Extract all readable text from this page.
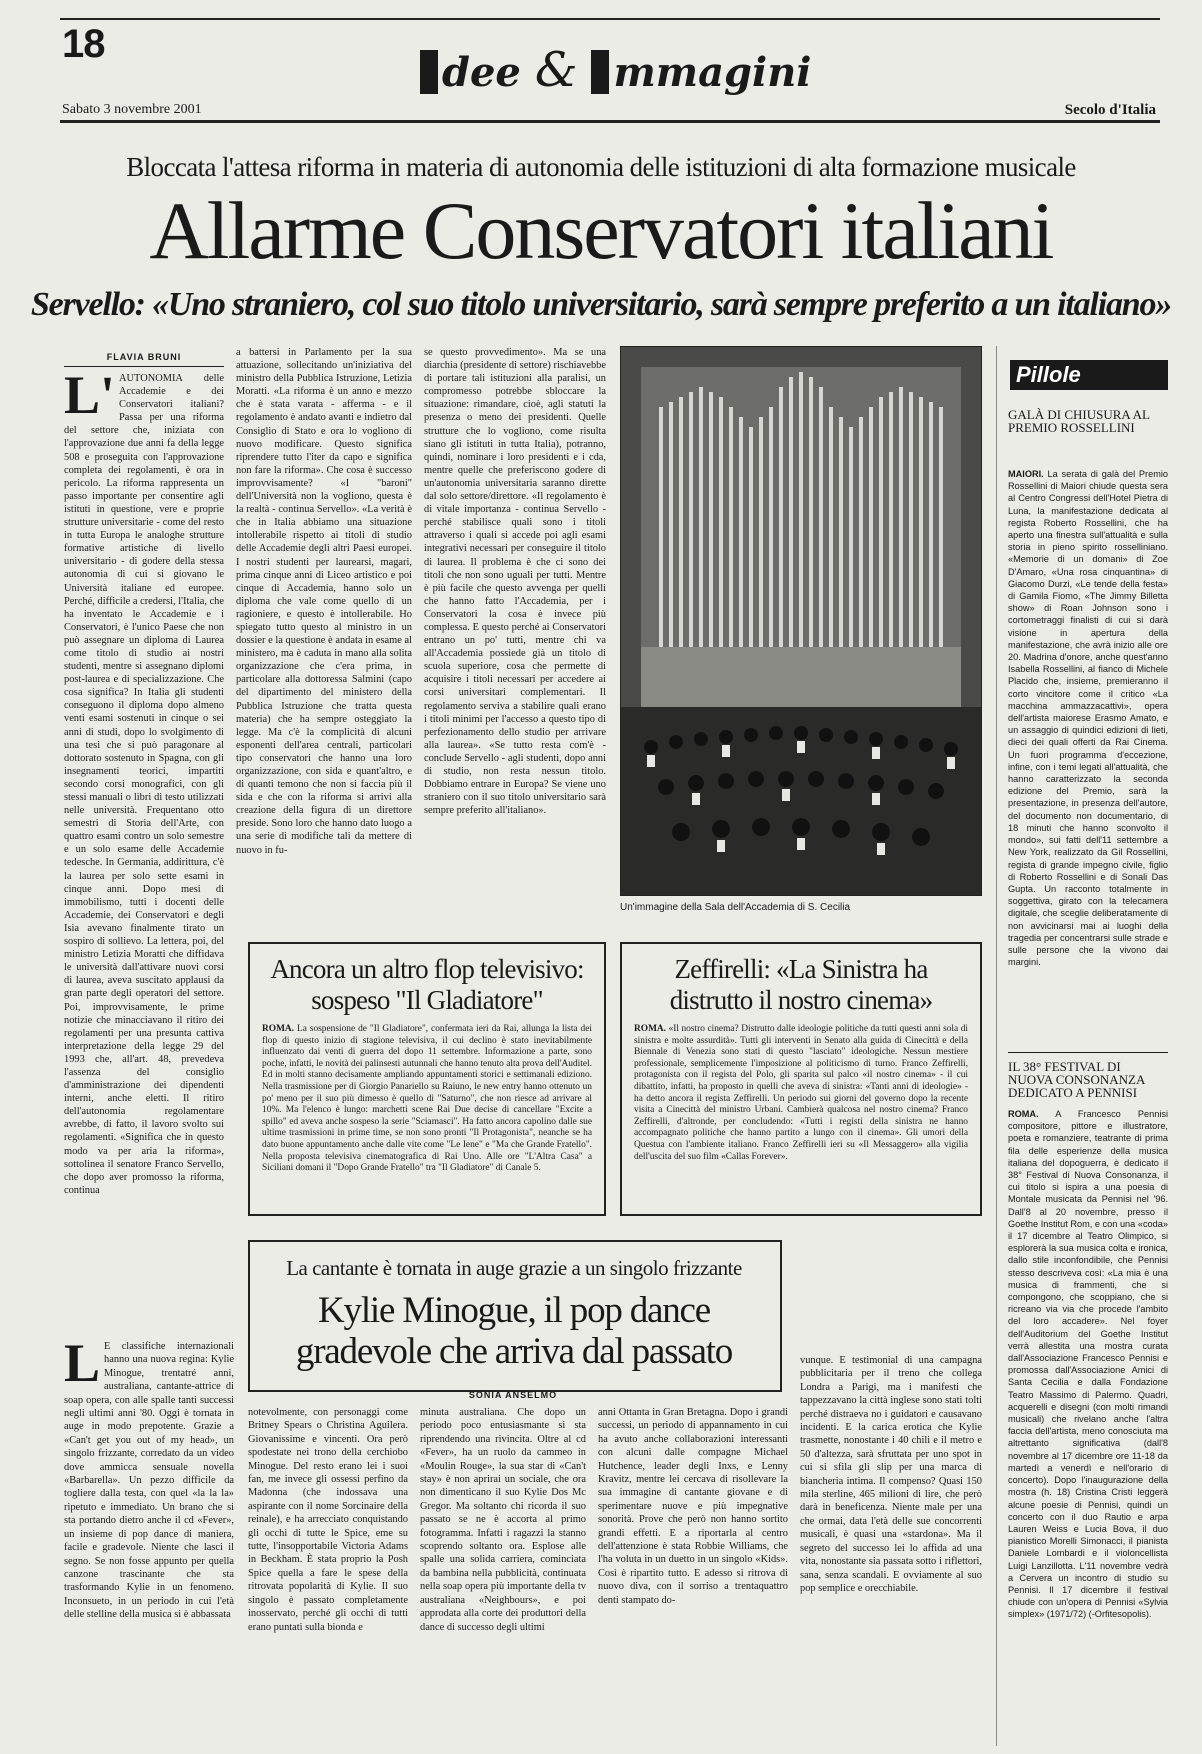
18
dee & mmagini
Sabato 3 novembre 2001	Secolo d'Italia
Bloccata l'attesa riforma in materia di autonomia delle istituzioni di alta formazione musicale
Allarme Conservatori italiani
Servello: «Uno straniero, col suo titolo universitario, sarà sempre preferito a un italiano»
FLAVIA BRUNI
L' AUTONOMIA delle Accademie e dei Conservatori italiani? Passa per una riforma del settore che, iniziata con l'approvazione due anni fa della legge 508 e proseguita con l'approvazione completa dei regolamenti, è ora in pericolo. La riforma rappresenta un passo importante per consentire agli istituti in questione, vere e proprie strutture universitarie - come del resto in tutta Europa le analoghe strutture formative artistiche di livello universitario - di godere della stessa autonomia di cui si giovano le Università italiane ed europee. Perché, difficile a credersi, l'Italia, che ha inventato le Accademie e i Conservatori, è l'unico Paese che non può assegnare un diploma di Laurea come titolo di studio ai nostri studenti, mentre si assegnano diplomi post-laurea e di specializzazione. Che cosa significa? In Italia gli studenti conseguono il diploma dopo almeno venti esami sostenuti in cinque o sei anni di studi, dopo lo svolgimento di una tesi che si può paragonare al dottorato sostenuto in Spagna, con gli insegnamenti teorici, impartiti secondo corsi monografici, con gli stessi manuali o libri di testo utilizzati nelle università. Frequentano otto semestri di Storia dell'Arte, con quattro esami contro un solo semestre e un solo esame delle Accademie tedesche. In Germania, addirittura, c'è la laurea per solo sette esami in cinque anni. Dopo mesi di immobilismo, tutti i docenti delle Accademie, dei Conservatori e degli Isia avevano finalmente tirato un sospiro di sollievo. La lettera, poi, del ministro Letizia Moratti che diffidava le università dall'attivare nuovi corsi di laurea, aveva suscitato applausi da gran parte degli operatori del settore. Poi, improvvisamente, le prime notizie che minacciavano il ritiro dei regolamenti per una presunta cattiva interpretazione della legge 29 del 1993 che, all'art. 48, prevedeva l'assenza del consiglio d'amministrazione dei dipendenti interni, anche eletti. Il ritiro dell'autonomia regolamentare avrebbe, di fatto, il lavoro svolto sui regolamenti. «Significa che in questo modo va per aria la riforma», sottolinea il senatore Franco Servello, che dopo aver promosso la riforma, continua
a battersi in Parlamento per la sua attuazione, sollecitando un'iniziativa del ministro della Pubblica Istruzione, Letizia Moratti. «La riforma è un anno e mezzo che è stata varata - afferma - e il regolamento è andato avanti e indietro dal Consiglio di Stato e ora lo vogliono di nuovo modificare. Questo significa riprendere tutto l'iter da capo e significa non fare la riforma». Che cosa è successo improvvisamente? «I "baroni" dell'Università non la vogliono, questa è la realtà - continua Servello». «La verità è che in Italia abbiamo una situazione intollerabile rispetto ai titoli di studio delle Accademie degli altri Paesi europei. I nostri studenti per laurearsi, magari, prima cinque anni di Liceo artistico e poi cinque di Accademia, hanno solo un diploma che vale come quello di un ragioniere, e questo è intollerabile. Ho spiegato tutto questo al ministro in un dossier e la questione è andata in esame al ministero, ma è caduta in mano alla solita organizzazione che c'era prima, in particolare alla dottoressa Salmini (capo del dipartimento del ministero della Pubblica Istruzione che tratta questa materia) che ha sempre osteggiato la legge. Ma c'è la complicità di alcuni esponenti dell'area centrali, particolari tipo conservatori che hanno una loro organizzazione, con sida e quant'altro, e di quanti temono che non si faccia più il sida e che con la riforma si arrivi alla creazione della figura di un direttore preside. Sono loro che hanno dato luogo a una serie di modifiche tali da mettere di nuovo in fu-
se questo provvedimento». Ma se una diarchia (presidente di settore) rischiavebbe di portare tali istituzioni alla paralisi, un compromesso potrebbe sbloccare la situazione: rimandare, cioè, agli statuti la presenza o meno dei presidenti. Quelle strutture che lo vogliono, come risulta siano gli istituti in tutta Italia), potranno, quindi, nominare i loro presidenti e i cda, mentre quelle che preferiscono godere di un'autonomia universitaria saranno dirette dal solo settore/direttore. «Il regolamento è di vitale importanza - continua Servello - perché stabilisce quali sono i titoli attraverso i quali si accede poi agli esami integrativi necessari per conseguire il titolo di laurea. Il problema è che ci sono dei titoli che non sono uguali per tutti. Mentre è più facile che questo avvenga per quelli che hanno fatto l'Accademia, per i Conservatori la cosa è invece più complessa. E questo perché ai Conservatori entrano un po' tutti, mentre chi va all'Accademia possiede già un titolo di scuola superiore, cosa che permette di acquisire i titoli necessari per accedere ai corsi universitari complementari. Il regolamento serviva a stabilire quali erano i titoli minimi per l'accesso a questo tipo di perfezionamento dello studio per arrivare alla laurea». «Se tutto resta com'è - conclude Servello - agli studenti, dopo anni di studio, non resta nessun titolo. Dobbiamo entrare in Europa? Se viene uno straniero con il suo titolo universitario sarà sempre preferito all'italiano».
Un'immagine della Sala dell'Accademia di S. Cecilia
Ancora un altro flop televisivo: sospeso "Il Gladiatore"
ROMA. La sospensione de "Il Gladiatore", confermata ieri da Rai, allunga la lista dei flop di questo inizio di stagione televisiva, il cui declino è stato inevitabilmente influenzato dai venti di guerra del dopo 11 settembre. Informazione a parte, sono poche, infatti, le novità dei palinsesti autunnali che hanno tenuto alta prova dell'Auditel. Ed in molti stanno decisamente ampliando appuntamenti storici e settimanali ediziono. Nella trasmissione per di Giorgio Panariello su Raiuno, le new entry hanno ottenuto un po' meno per il suo più dimesso è quello di "Saturno", che non riesce ad arrivare al 10%. Ma l'elenco è lungo: marchetti scene Rai Due decise di cancellare "Excite a spillo" ed aveva anche sospeso la serie "Sciamasci". Ha fatto ancora capolino dalle sue ultime trasmissioni in prime time, se non sono pronti "Il Protagonista", neanche se ha dato buone appuntamento anche dalle vite come "Le Iene" e "Ma che Grande Fratello". Nella proposta televisiva cinematografica di Rai Uno. Alle ore "L'Altra Casa" a Siciliani domani il "Dopo Grande Fratello" tra "Il Gladiatore" di Canale 5.
Zeffirelli: «La Sinistra ha distrutto il nostro cinema»
ROMA. «Il nostro cinema? Distrutto dalle ideologie politiche da tutti questi anni sola di sinistra e molte assurdità». Tutti gli interventi in Senato alla guida di Cinecittà e della Biennale di Venezia sono stati di questo "lasciato" ideologiche. Nessun mestiere professionale, semplicemente l'imposizione al politicismo di turno. Franco Zeffirelli, protagonista con il regista del Polo, gli sparita sul palco «il nostro cinema» - il cui dibattito, infatti, ha proposto in quelli che aveva di sinistra: «Tanti anni di ideologie» - ha detto ancora il regista Zeffirelli. Un periodo sui giorni del governo dopo la recente visita a Cinecittà del ministro Urbani. Cambierà qualcosa nel nostro cinema? Franco Zeffirelli, d'altronde, per concludendo: «Tutti i registi della sinistra ne hanno accompagnato politiche che hanno partito a lungo con il cinema». Gli umori della Questua con l'ambiente italiano. Franco Zeffirelli ieri su «Il Messaggero» alla vigilia dell'uscita del suo film «Callas Forever».
Pillole
GALÀ DI CHIUSURA AL PREMIO ROSSELLINI
MAIORI. La serata di galà del Premio Rossellini di Maiori chiude questa sera al Centro Congressi dell'Hotel Pietra di Luna, la manifestazione dedicata al regista Roberto Rossellini, che ha aperto una finestra sull'attualità e sulla storia in pieno spirito rosselliniano. «Memorie di un domani» di Zoe D'Amaro, «Una rosa cinquantina» di Giacomo Durzi, «Le tende della festa» di Gamila Fiomo, «The Jimmy Billetta show» di Roan Johnson sono i cortometraggi finalisti di cui si darà visione in apertura della manifestazione, che avrà inizio alle ore 20. Madrina d'onore, anche quest'anno Isabella Rossellini, al fianco di Michele Placido che, insieme, premieranno il corto vincitore come il critico «La macchina ammazzacattivi», opera dell'artista maiorese Erasmo Amato, e un assaggio di quindici edizioni di lieti, dieci dei quali offerti da Rai Cinema. Un fuori programma d'eccezione, infine, con i temi legati all'attualità, che hanno caratterizzato la seconda edizione del Premio, sarà la presentazione, in presenza dell'autore, del documento non documentario, di 18 minuti che hanno sconvolto il mondo», sui fatti dell'11 settembre a New York, realizzato da Gil Rossellini, regista di grande impegno civile, figlio di Roberto Rossellini e di Sonali Das Gupta. Un racconto totalmente in soggettiva, girato con la telecamera digitale, che sceglie deliberatamente di non avvicinarsi mai ai luoghi della tragedia per concentrarsi sulle strade e sulle persone che la vivono dai margini.
IL 38° FESTIVAL DI NUOVA CONSONANZA DEDICATO A PENNISI
ROMA. A Francesco Pennisi compositore, pittore e illustratore, poeta e romanziere, teatrante di prima fila delle esperienze della musica italiana del dopoguerra, è dedicato il 38° Festival di Nuova Consonanza, il cui titolo si ispira a una poesia di Montale musicata da Pennisi nel '96. Dall'8 al 20 novembre, presso il Goethe Institut Rom, e con una «coda» il 17 dicembre al Teatro Olimpico, si esplorerà la sua musica colta e ironica, dallo stile inconfondibile, che Pennisi stesso descriveva così: «La mia è una musica di frammenti, che si compongono, che scoppiano, che si ricreano via via che procede l'ambito del loro accadere». Nel foyer dell'Auditorium del Goethe Institut verrà allestita una mostra curata dall'Associazione Francesco Pennisi e promossa dall'Associazione Amici di Santa Cecilia e dalla Fondazione Teatro Massimo di Palermo. Quadri, acquerelli e disegni (con molti rimandi musicali) che rivelano anche l'altra faccia dell'artista, meno conosciuta ma altrettanto significativa (dall'8 novembre al 17 dicembre ore 11-18 da martedì a venerdì e nell'orario di concerto). Dopo l'inaugurazione della mostra (h. 18) Cristina Cristi leggerà alcune poesie di Pennisi, quindi un concerto con il duo Rautio e arpa Lauren Weiss e Lucia Bova, il duo pianistico Morelli Simonacci, il pianista Daniele Lombardi e il violoncellista Luigi Lanzillotta. L'11 novembre vedrà a Cervera un incontro di studio su Pennisi. Il 17 dicembre il festival chiude con un'opera di Pennisi «Sylvia simplex» (1971/72) (-Orfitesopolis).
La cantante è tornata in auge grazie a un singolo frizzante
Kylie Minogue, il pop dance gradevole che arriva dal passato
SONIA ANSELMO
L E classifiche internazionali hanno una nuova regina: Kylie Minogue, trentatré anni, australiana, cantante-attrice di soap opera, con alle spalle tanti successi negli ultimi anni '80. Oggi è tornata in auge in modo prepotente. Grazie a «Can't get you out of my head», un singolo frizzante, corredato da un video dove ammicca sensuale novella «Barbarella». Un pezzo difficile da togliere dalla testa, con quel «la la la» ripetuto e immediato. Un brano che si sta portando dietro anche il cd «Fever», un insieme di pop dance di maniera, facile e gradevole. Niente che lasci il segno. Se non fosse appunto per quella canzone trascinante che sta trasformando Kylie in un fenomeno. Inconsueto, in un periodo in cui l'età delle stelline della musica si è abbassata
notevolmente, con personaggi come Britney Spears o Christina Aguilera. Giovanissime e vincenti. Ora però spodestate nei trono della cerchiobo Minogue. Del resto erano lei i suoi fan, me invece gli ossessi perfino da Madonna (che indossava una aspirante con il nome Sorcinaire della reinale), e ha arrecciato conquistando gli occhi di tutte le Spice, eme su tutte, l'insopportabile Victoria Adams in Beckham. È stata proprio la Posh Spice quella a fare le spese della ritrovata popolarità di Kylie. Il suo singolo è passato completamente inosservato, perché gli occhi di tutti erano puntati sulla bionda e
minuta australiana. Che dopo un periodo poco entusiasmante si sta riprendendo una rivincita. Oltre al cd «Fever», ha un ruolo da cammeo in «Moulin Rouge», la sua star di «Can't stay» è non aprirai un sociale, che ora non dimenticano il suo Kylie Dos Mc Gregor. Ma soltanto chi ricorda il suo passato se ne è accorta al primo fotogramma. Infatti i ragazzi la stanno scoprendo soltanto ora. Esplose alle spalle una solida carriera, cominciata da bambina nella pubblicità, continuata nella soap opera più importante della tv australiana «Neighbours», e poi approdata alla corte dei produttori della dance di successo degli ultimi
anni Ottanta in Gran Bretagna. Dopo i grandi successi, un periodo di appannamento in cui ha avuto anche collaborazioni interessanti con alcuni dalle compagne Michael Hutchence, leader degli Inxs, e Lenny Kravitz, mentre lei cercava di risollevare la sua immagine di cantante giovane e di sperimentare nuove e più impegnative sonorità. Prove che però non hanno sortito grandi effetti. E a riportarla al centro dell'attenzione è stata Robbie Williams, che l'ha voluta in un duetto in un singolo «Kids». Così è ripartito tutto. E adesso si ritrova di nuovo diva, con il sorriso a trentaquattro denti stampato do-
vunque. E testimonial di una campagna pubblicitaria per il treno che collega Londra a Parigi, ma i manifesti che tappezzavano la città inglese sono stati tolti perché distraeva no i guidatori e causavano incidenti. E la carica erotica che Kylie trasmette, nonostante i 40 chili e il metro e 50 d'altezza, sarà sfruttata per uno spot in cui si sfila gli slip per una marca di biancheria intima. Il compenso? Quasi 150 mila sterline, 465 milioni di lire, che però darà in beneficenza. Niente male per una che ormai, data l'età delle sue concorrenti musicali, è quasi una «stardona». Ma il segreto del successo lei lo affida ad una vita, nonostante sia passata sotto i riflettori, sana, senza scandali. E ovviamente al suo pop semplice e orecchiabile.
